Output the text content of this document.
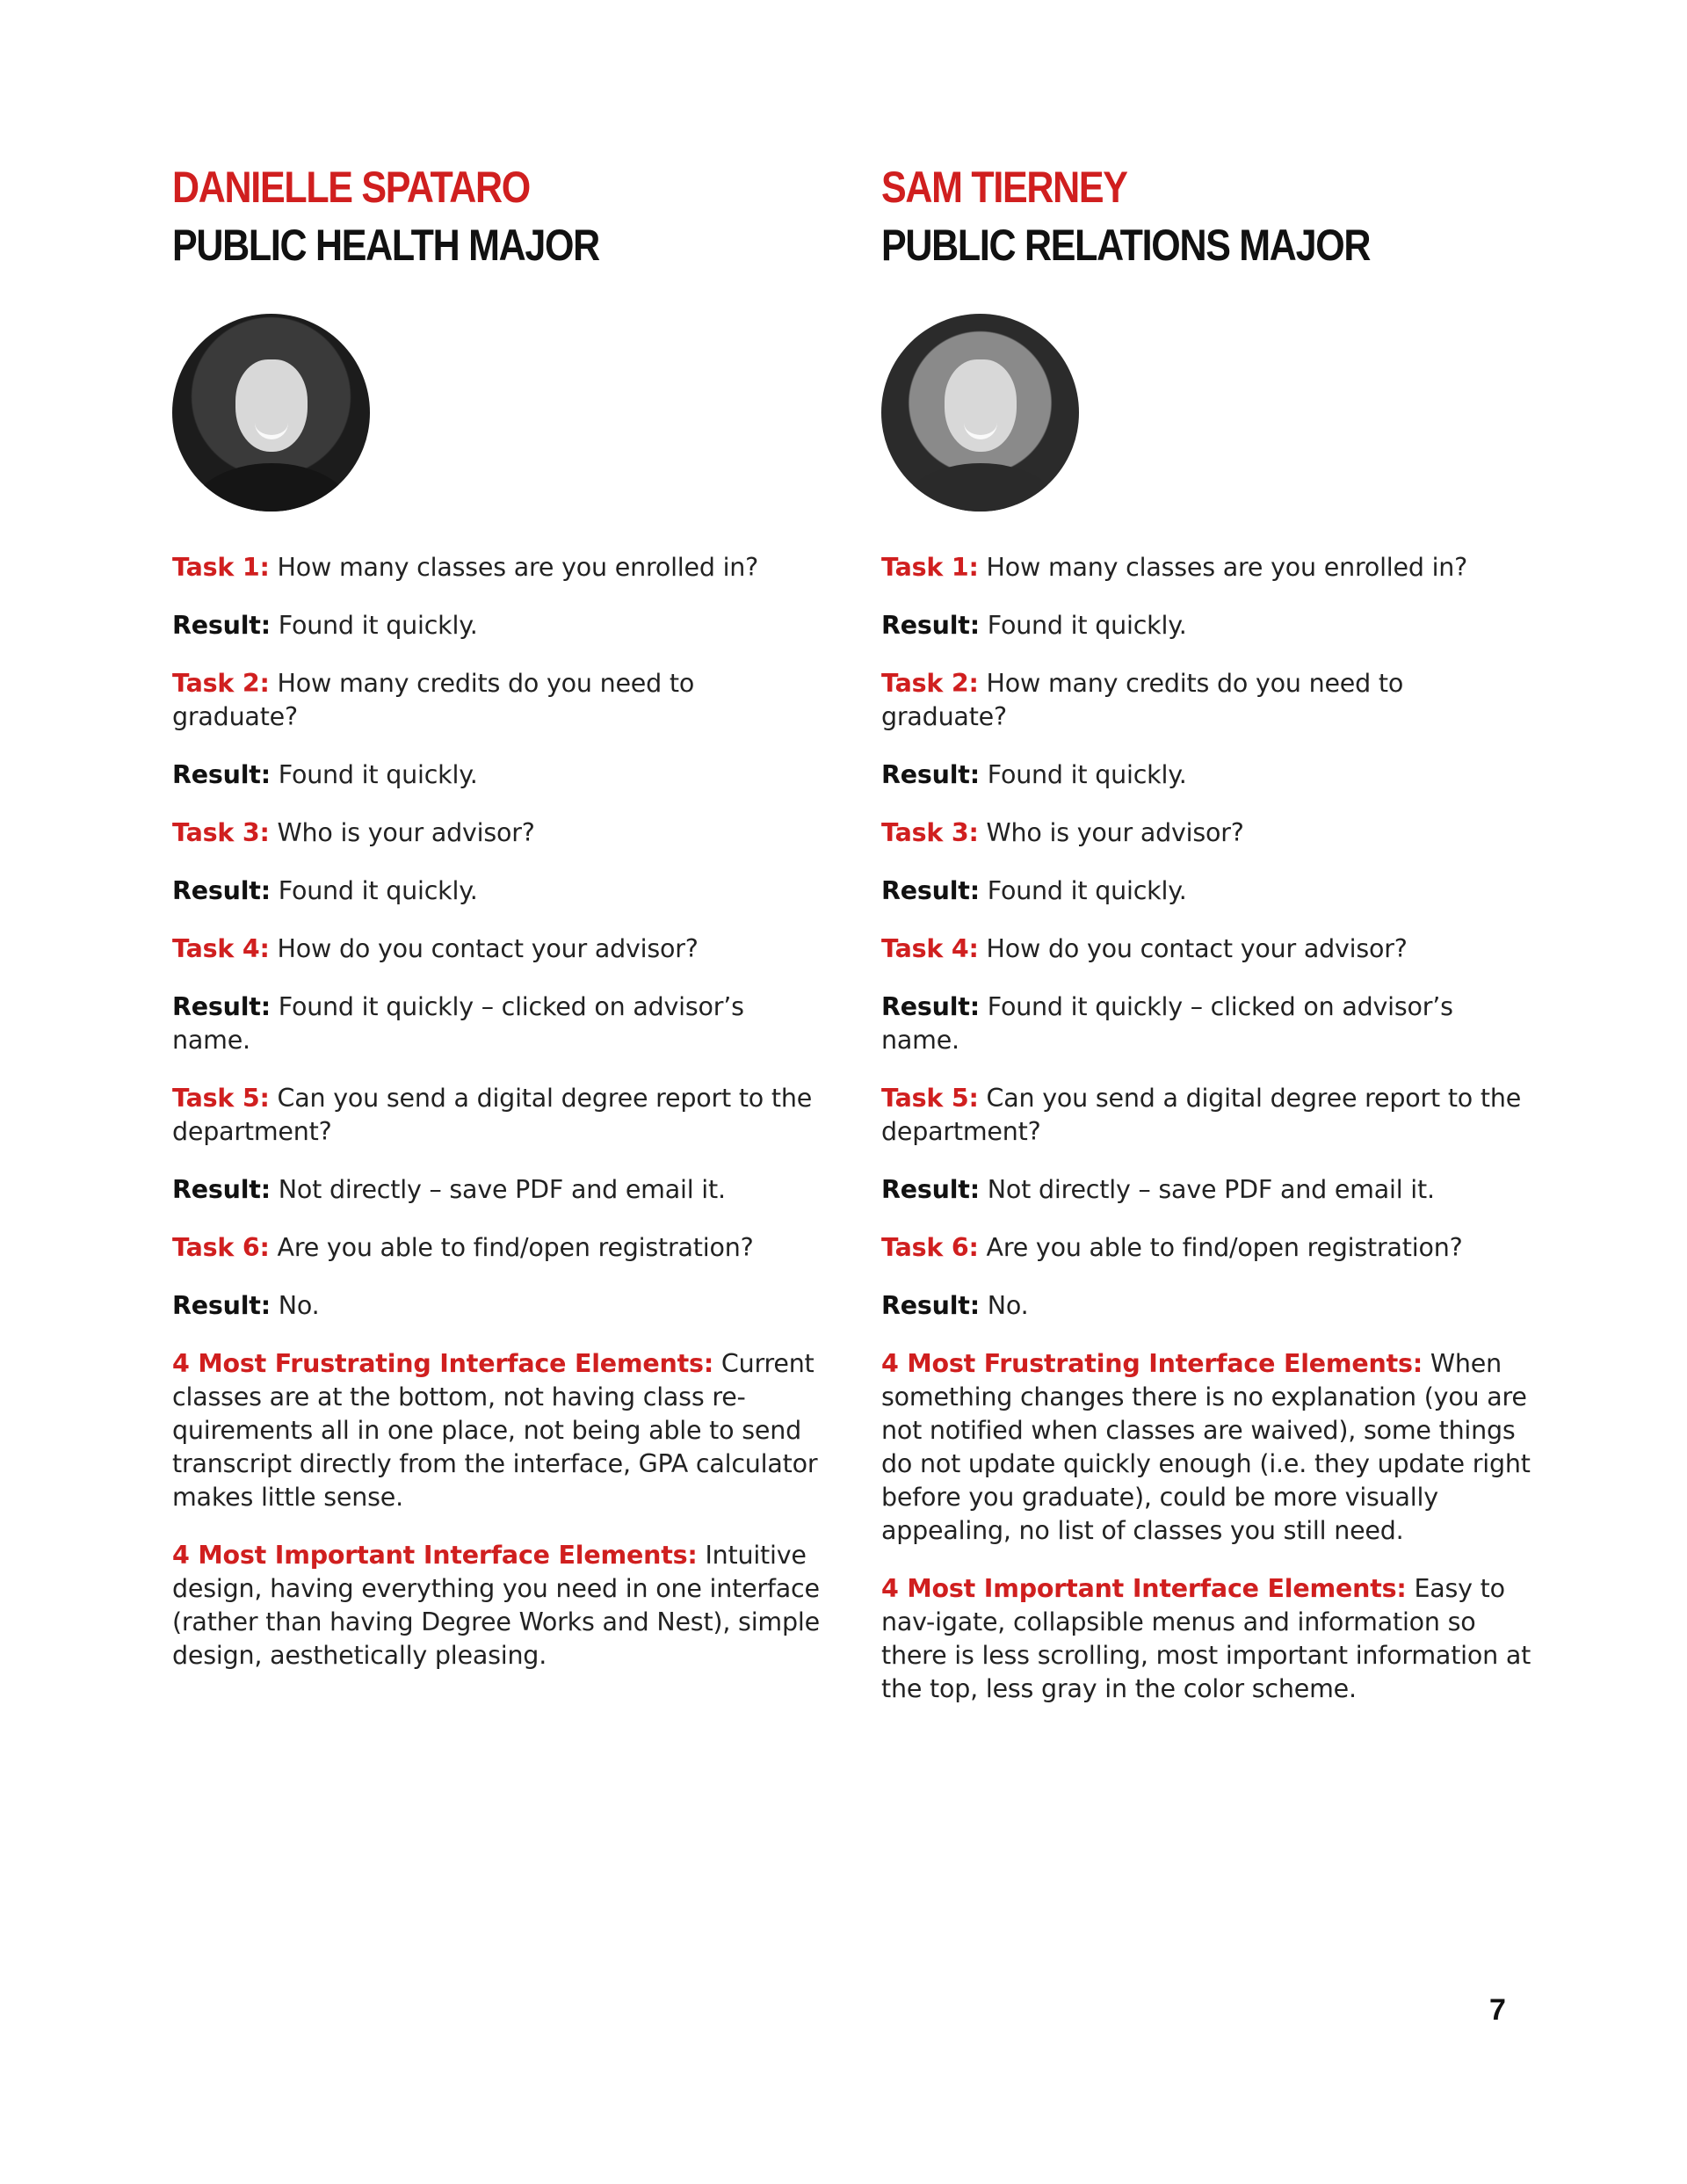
DANIELLE SPATARO
PUBLIC HEALTH MAJOR

Task 1: How many classes are you enrolled in?

Result: Found it quickly.

Task 2: How many credits do you need to graduate?

Result: Found it quickly.

Task 3: Who is your advisor?

Result: Found it quickly.

Task 4: How do you contact your advisor?

Result: Found it quickly – clicked on advisor’s name.

Task 5: Can you send a digital degree report to the department?

Result: Not directly – save PDF and email it.

Task 6: Are you able to find/open registration?

Result: No.

4 Most Frustrating Interface Elements: Current classes are at the bottom, not having class re-quirements all in one place, not being able to send transcript directly from the interface, GPA calculator makes little sense.

4 Most Important Interface Elements: Intuitive design, having everything you need in one interface (rather than having Degree Works and Nest), simple design, aesthetically pleasing.

SAM TIERNEY
PUBLIC RELATIONS MAJOR

Task 1: How many classes are you enrolled in?

Result: Found it quickly.

Task 2: How many credits do you need to graduate?

Result: Found it quickly.

Task 3: Who is your advisor?

Result: Found it quickly.

Task 4: How do you contact your advisor?

Result: Found it quickly – clicked on advisor’s name.

Task 5: Can you send a digital degree report to the department?

Result: Not directly – save PDF and email it.

Task 6: Are you able to find/open registration?

Result: No.

4 Most Frustrating Interface Elements: When something changes there is no explanation (you are not notified when classes are waived), some things do not update quickly enough (i.e. they update right before you graduate), could be more visually appealing, no list of classes you still need.

4 Most Important Interface Elements: Easy to nav-igate, collapsible menus and information so there is less scrolling, most important information at the top, less gray in the color scheme.

7
